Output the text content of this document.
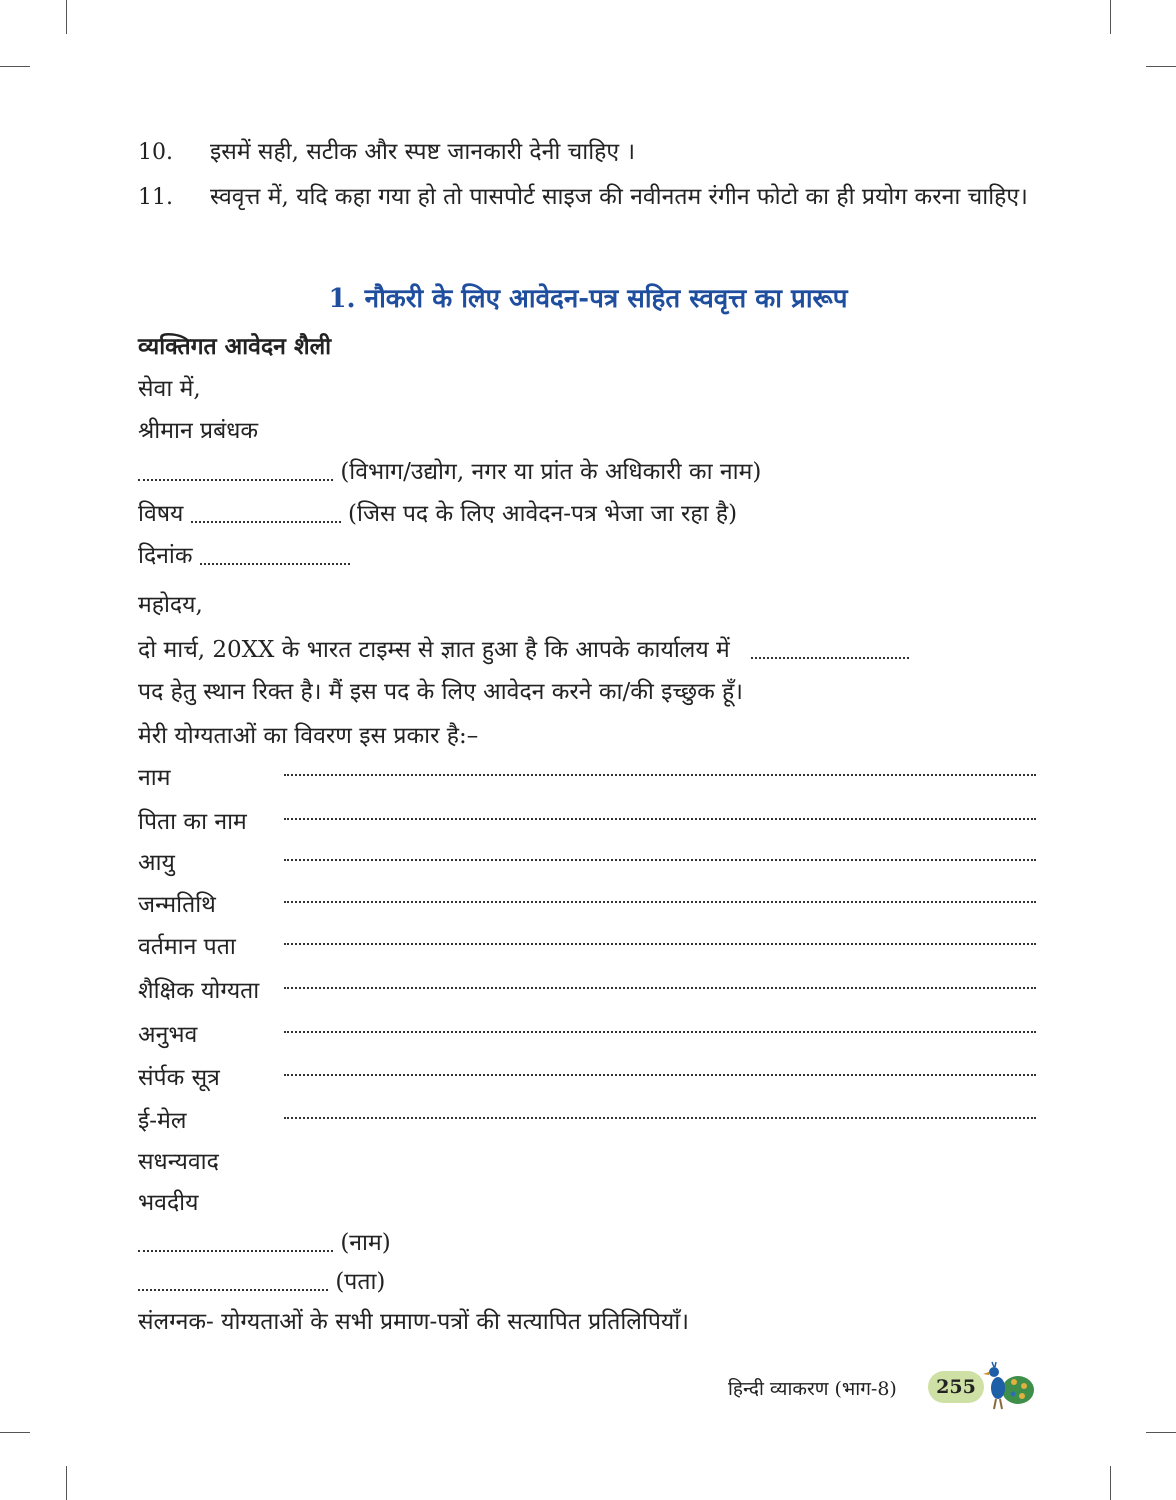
10. इसमें सही, सटीक और स्पष्ट जानकारी देनी चाहिए ।
11. स्ववृत्त में, यदि कहा गया हो तो पासपोर्ट साइज की नवीनतम रंगीन फोटो का ही प्रयोग करना चाहिए।
1. नौकरी के लिए आवेदन-पत्र सहित स्ववृत्त का प्रारूप
व्यक्तिगत आवेदन शैली
सेवा में,
श्रीमान प्रबंधक
(विभाग/उद्योग, नगर या प्रांत के अधिकारी का नाम)
विषय	(जिस पद के लिए आवेदन-पत्र भेजा जा रहा है)
दिनांक
महोदय,
दो मार्च, 20XX के भारत टाइम्स से ज्ञात हुआ है कि आपके कार्यालय में
पद हेतु स्थान रिक्त है। मैं इस पद के लिए आवेदन करने का/की इच्छुक हूँ।
मेरी योग्यताओं का विवरण इस प्रकार है:–
नाम
पिता का नाम
आयु
जन्मतिथि
वर्तमान पता
शैक्षिक योग्यता
अनुभव
संर्पक सूत्र
ई-मेल
सधन्यवाद
भवदीय
(नाम)
(पता)
संलग्नक- योग्यताओं के सभी प्रमाण-पत्रों की सत्यापित प्रतिलिपियाँ।
हिन्दी व्याकरण (भाग-8)	255
